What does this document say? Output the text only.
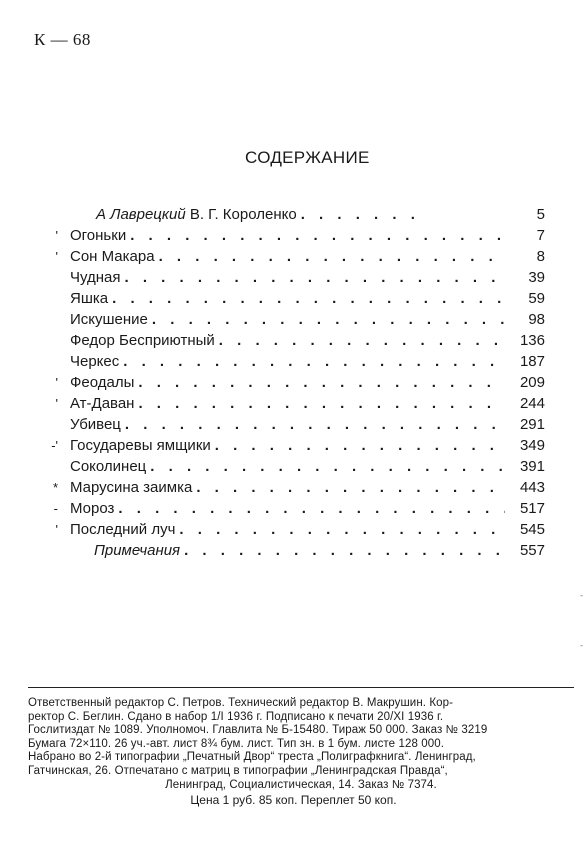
К — 68
СОДЕРЖАНИЕ
А Лаврецкий В. Г. Короленко . . .	5
' Огоньки . . .	7
' Сон Макара . . .	8
Чудная . . .	39
Яшка . . .	59
Искушение . . .	98
Федор Бесприютный . . .	136
Черкес . . .	187
' Феодалы . . .	209
' Ат-Даван . . .	244
Убивец . . .	291
-' Государевы ямщики . . .	349
Соколинец . . .	391
* Марусина заимка . . .	443
- Мороз . . .	517
' Последний луч . . .	545
Примечания . . .	557
Ответственный редактор С. Петров. Технический редактор В. Макрушин. Кор-
ректор С. Беглин. Сдано в набор 1/I 1936 г. Подписано к печати 20/XI 1936 г.
Гослитиздат № 1089. Уполномоч. Главлита № Б-15480. Тираж 50 000. Заказ № 3219
Бумага 72×110. 26 уч.-авт. лист 8¾ бум. лист. Тип зн. в 1 бум. листе 128 000.
Набрано во 2-й типографии „Печатный Двор“ треста „Полиграфкнига“. Ленинград,
Гатчинская, 26. Отпечатано с матриц в типографии „Ленинградская Правда“,
Ленинград, Социалистическая, 14. Заказ № 7374.
Цена 1 руб. 85 коп. Переплет 50 коп.
-
-
